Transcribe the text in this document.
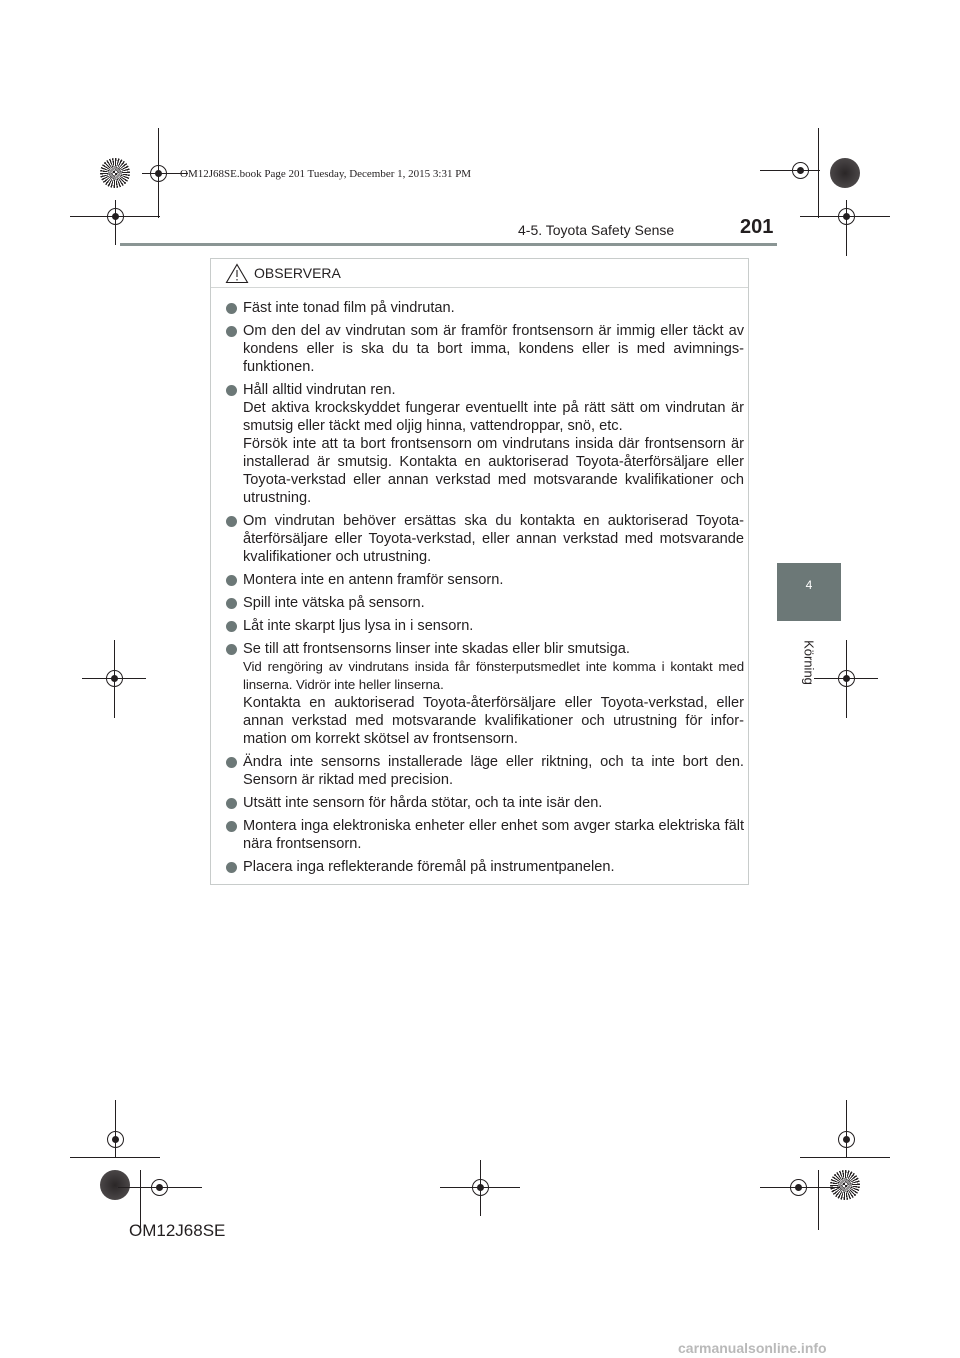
OM12J68SE.book Page 201 Tuesday, December 1, 2015 3:31 PM
4-5. Toyota Safety Sense	201
4
Körning
OBSERVERA
Fäst inte tonad film på vindrutan.
Om den del av vindrutan som är framför frontsensorn är immig eller täckt av kondens eller is ska du ta bort imma, kondens eller is med avimnings-funktionen.
Håll alltid vindrutan ren.
Det aktiva krockskyddet fungerar eventuellt inte på rätt sätt om vindrutan är smutsig eller täckt med oljig hinna, vattendroppar, snö, etc.
Försök inte att ta bort frontsensorn om vindrutans insida där frontsensorn är installerad är smutsig. Kontakta en auktoriserad Toyota-återförsäljare eller Toyota-verkstad eller annan verkstad med motsvarande kvalifikationer och utrustning.
Om vindrutan behöver ersättas ska du kontakta en auktoriserad Toyota-återförsäljare eller Toyota-verkstad, eller annan verkstad med motsvarande kvalifikationer och utrustning.
Montera inte en antenn framför sensorn.
Spill inte vätska på sensorn.
Låt inte skarpt ljus lysa in i sensorn.
Se till att frontsensorns linser inte skadas eller blir smutsiga.
Vid rengöring av vindrutans insida får fönsterputsmedlet inte komma i kontakt med linserna. Vidrör inte heller linserna.
Kontakta en auktoriserad Toyota-återförsäljare eller Toyota-verkstad, eller annan verkstad med motsvarande kvalifikationer och utrustning för infor-mation om korrekt skötsel av frontsensorn.
Ändra inte sensorns installerade läge eller riktning, och ta inte bort den. Sensorn är riktad med precision.
Utsätt inte sensorn för hårda stötar, och ta inte isär den.
Montera inga elektroniska enheter eller enhet som avger starka elektriska fält nära frontsensorn.
Placera inga reflekterande föremål på instrumentpanelen.
OM12J68SE
carmanualsonline.info
